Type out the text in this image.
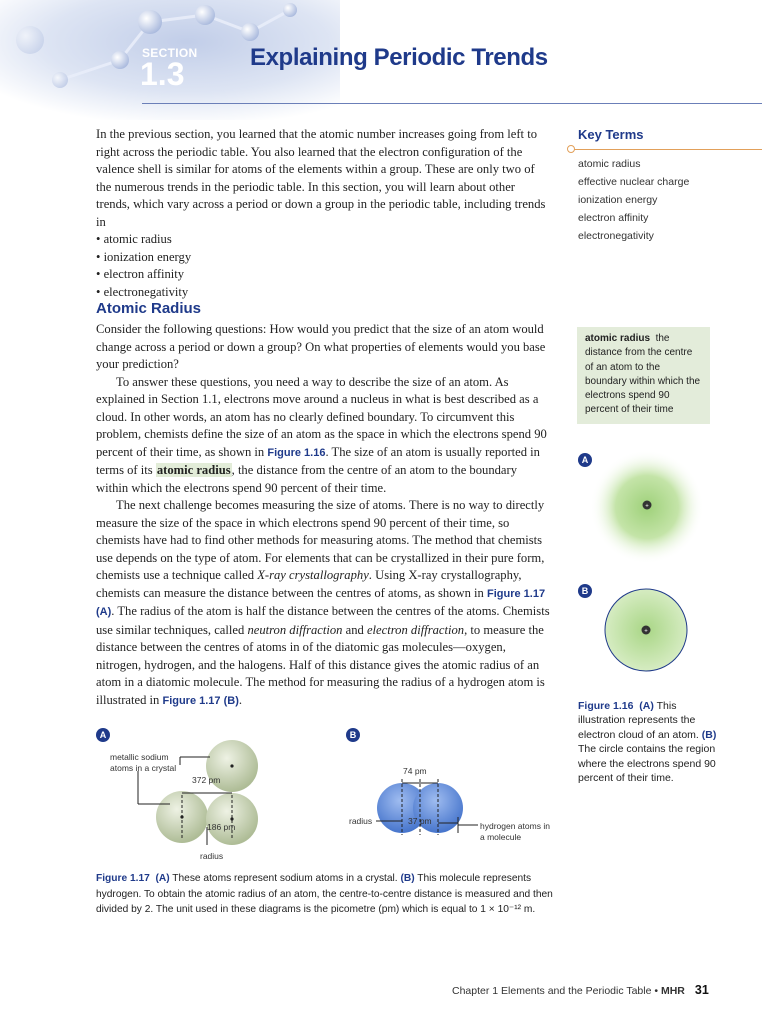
SECTION
1.3	Explaining Periodic Trends

In the previous section, you learned that the atomic number increases going from left to right across the periodic table. You also learned that the electron configuration of the valence shell is similar for atoms of the elements within a group. These are only two of the numerous trends in the periodic table. In this section, you will learn about other trends, which vary across a period or down a group in the periodic table, including trends in

• atomic radius
• ionization energy
• electron affinity
• electronegativity
Key Terms
atomic radius
effective nuclear charge
ionization energy
electron affinity
electronegativity
Atomic Radius

Consider the following questions: How would you predict that the size of an atom would change across a period or down a group? On what properties of elements would you base your prediction?

To answer these questions, you need a way to describe the size of an atom. As explained in Section 1.1, electrons move around a nucleus in what is best described as a cloud. In other words, an atom has no clearly defined boundary. To circumvent this problem, chemists define the size of an atom as the space in which the electrons spend 90 percent of their time, as shown in Figure 1.16. The size of an atom is usually reported in terms of its atomic radius, the distance from the centre of an atom to the boundary within which the electrons spend 90 percent of their time.

The next challenge becomes measuring the size of atoms. There is no way to directly measure the size of the space in which electrons spend 90 percent of their time, so chemists have had to find other methods for measuring atoms. The method that chemists use depends on the type of atom. For elements that can be crystallized in their pure form, chemists use a technique called X-ray crystallography. Using X-ray crystallography, chemists can measure the distance between the centres of atoms, as shown in Figure 1.17 (A). The radius of the atom is half the distance between the centres of the atoms. Chemists use similar techniques, called neutron diffraction and electron diffraction, to measure the distance between the centres of atoms in of the diatomic gas molecules—oxygen, nitrogen, hydrogen, and the halogens. Half of this distance gives the atomic radius of an atom in a diatomic molecule. The method for measuring the radius of a hydrogen atom is illustrated in Figure 1.17 (B).

atomic radius the distance from the centre of an atom to the boundary within which the electrons spend 90 percent of their time
A
+
B
+
Figure 1.16 (A) This illustration represents the electron cloud of an atom. (B) The circle contains the region where the electrons spend 90 percent of their time.
A
metallic sodium atoms in a crystal
372 pm
186 pm
radius
B
74 pm
radius	37 pm	hydrogen atoms in a molecule
Figure 1.17 (A) These atoms represent sodium atoms in a crystal. (B) This molecule represents hydrogen. To obtain the atomic radius of an atom, the centre-to-centre distance is measured and then divided by 2. The unit used in these diagrams is the picometre (pm) which is equal to 1 × 10⁻¹² m.
Chapter 1 Elements and the Periodic Table • MHR 31
